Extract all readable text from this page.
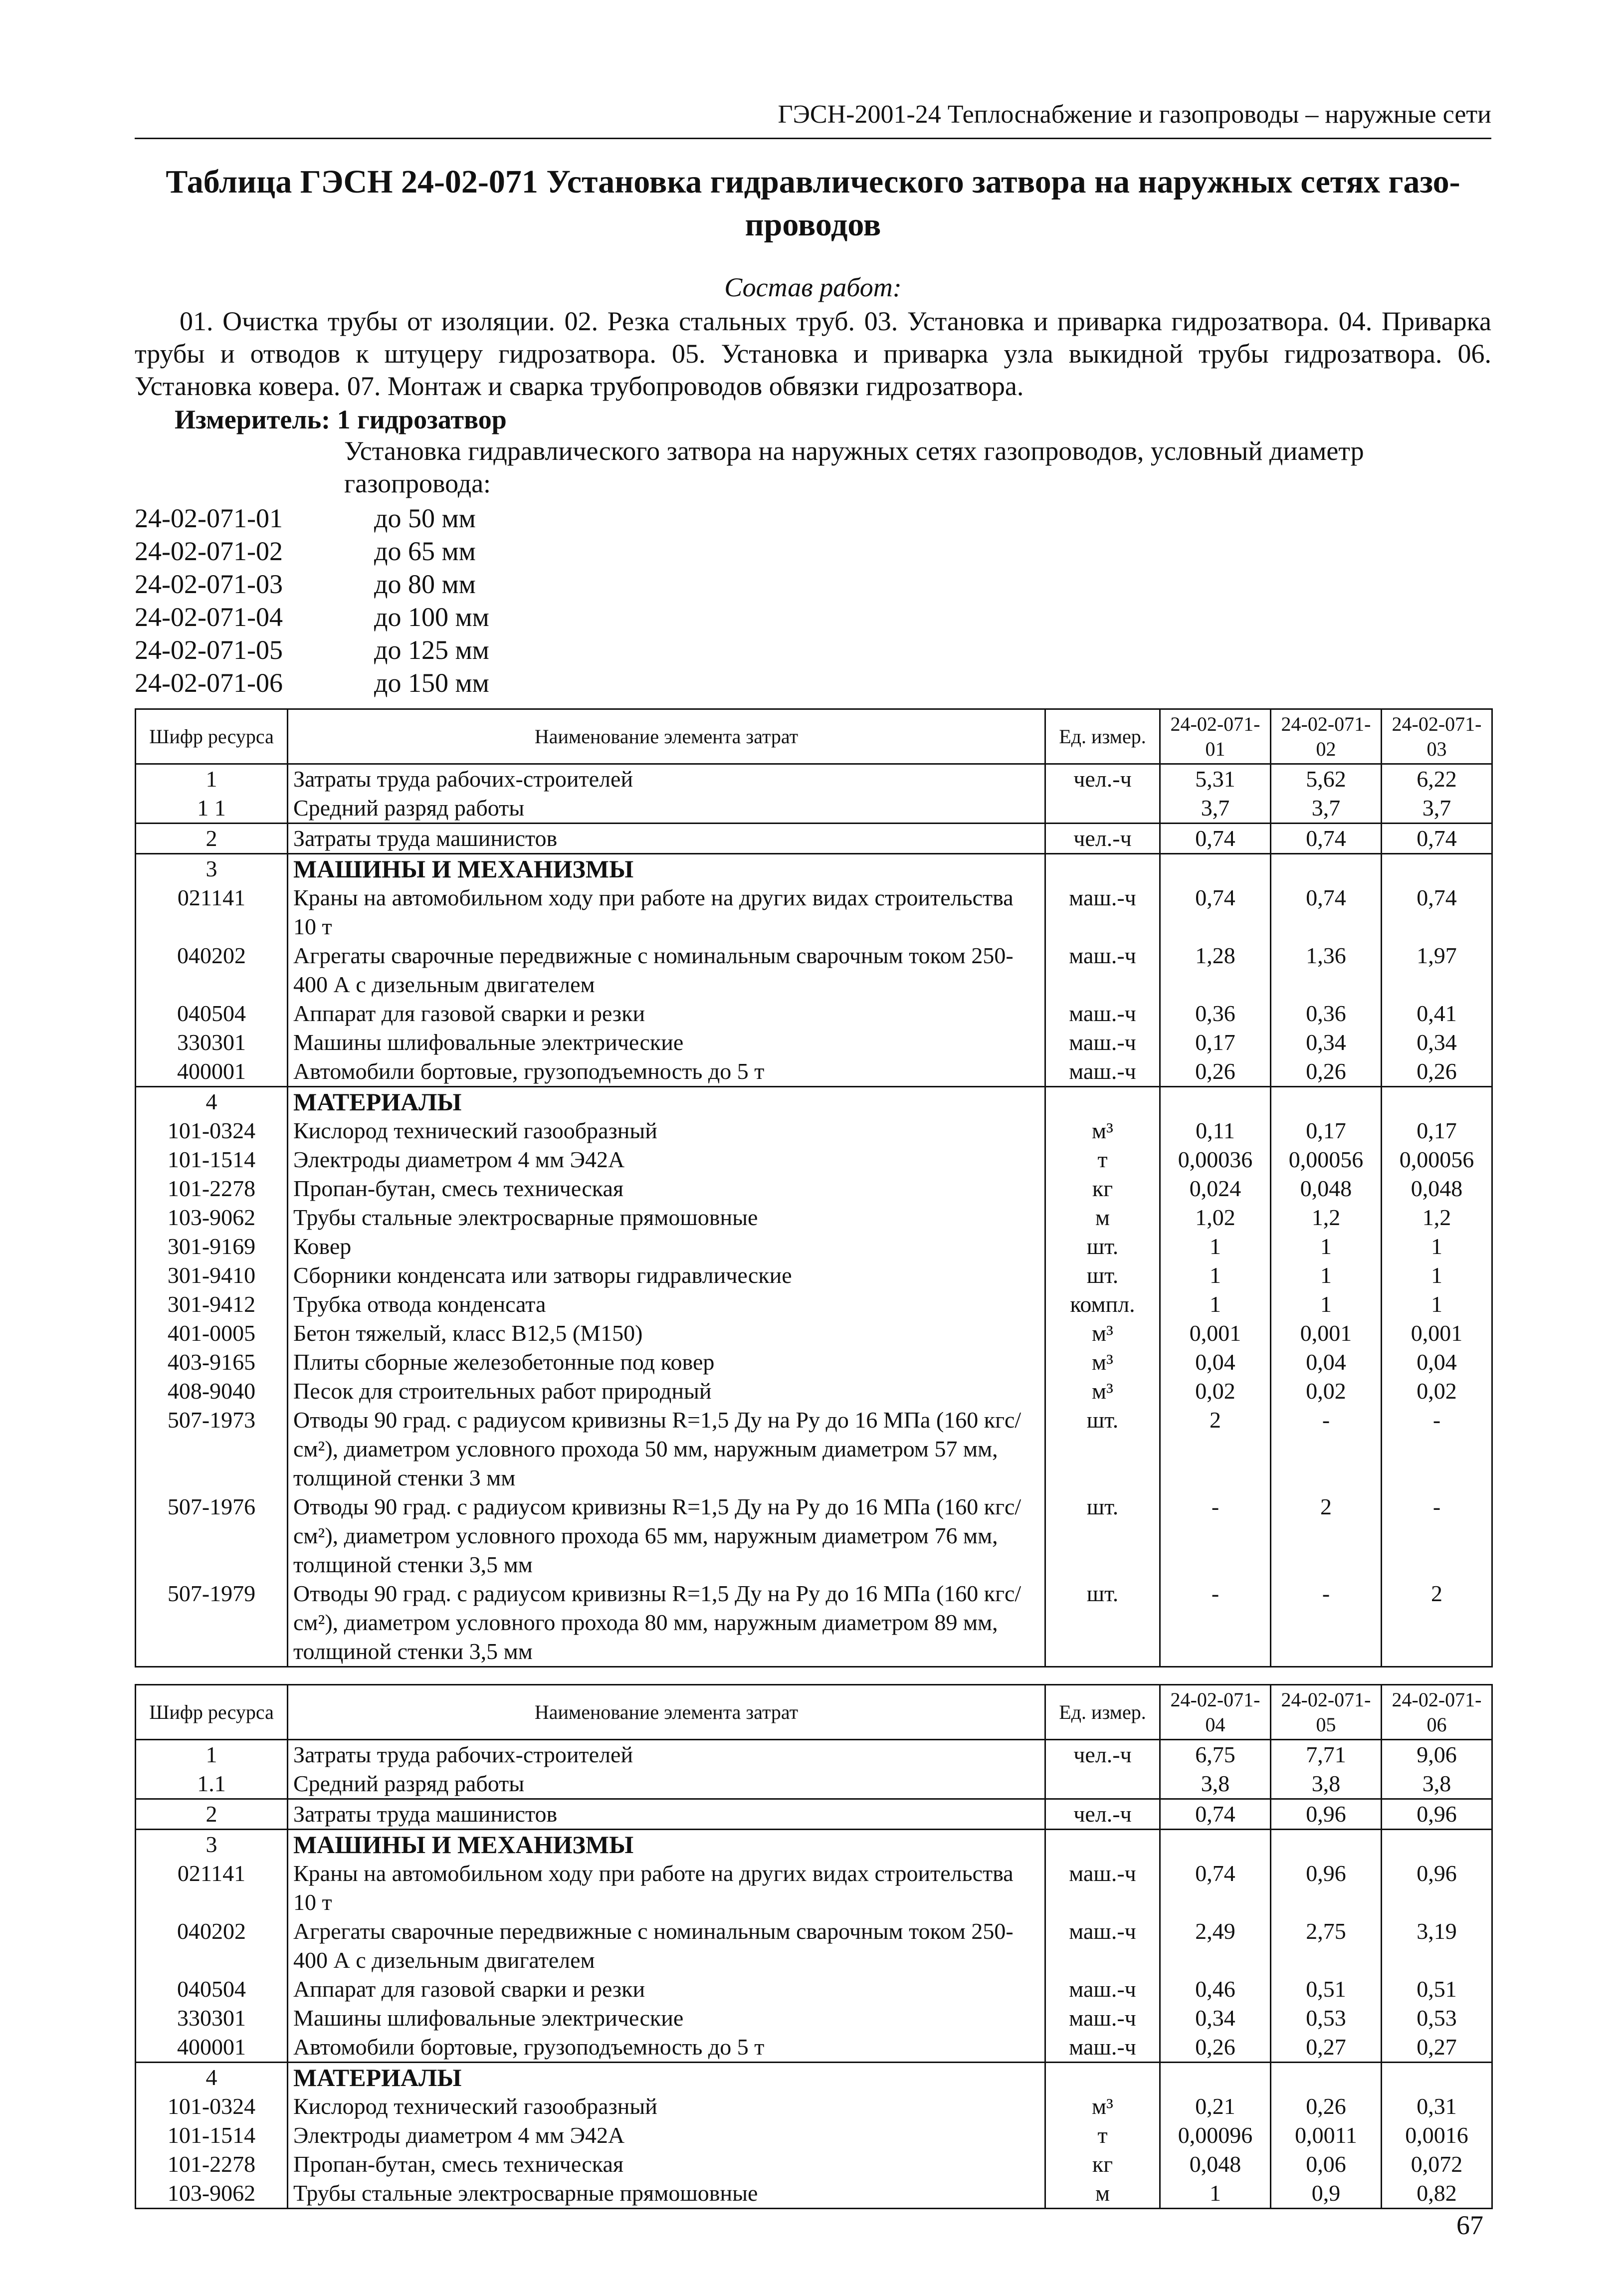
ГЭСН-2001-24 Теплоснабжение и газопроводы – наружные сети
Таблица ГЭСН 24-02-071 Установка гидравлического затвора на наружных сетях газо-
проводов
Состав работ:
01. Очистка трубы от изоляции. 02. Резка стальных труб. 03. Установка и приварка гидрозатвора. 04. Приварка трубы и отводов к штуцеру гидрозатвора. 05. Установка и приварка узла выкидной трубы гидрозатвора. 06. Установка ковера. 07. Монтаж и сварка трубопроводов обвязки гидрозатвора.
Измеритель: 1 гидрозатвор
Установка гидравлического затвора на наружных сетях газопроводов, условный диаметр газопровода:
24-02-071-01	до 50 мм
24-02-071-02	до 65 мм
24-02-071-03	до 80 мм
24-02-071-04	до 100 мм
24-02-071-05	до 125 мм
24-02-071-06	до 150 мм
Шифр ресурса	Наименование элемента затрат	Ед. измер.	24-02-071-01	24-02-071-02	24-02-071-03
1	Затраты труда рабочих-строителей	чел.-ч	5,31	5,62	6,22
1 1	Средний разряд работы		3,7	3,7	3,7
2	Затраты труда машинистов	чел.-ч	0,74	0,74	0,74
3	МАШИНЫ И МЕХАНИЗМЫ				
021141	Краны на автомобильном ходу при работе на других видах строительства 10 т	маш.-ч	0,74	0,74	0,74
040202	Агрегаты сварочные передвижные с номинальным сварочным током 250-400 А с дизельным двигателем	маш.-ч	1,28	1,36	1,97
040504	Аппарат для газовой сварки и резки	маш.-ч	0,36	0,36	0,41
330301	Машины шлифовальные электрические	маш.-ч	0,17	0,34	0,34
400001	Автомобили бортовые, грузоподъемность до 5 т	маш.-ч	0,26	0,26	0,26
4	МАТЕРИАЛЫ				
101-0324	Кислород технический газообразный	м³	0,11	0,17	0,17
101-1514	Электроды диаметром 4 мм Э42А	т	0,00036	0,00056	0,00056
101-2278	Пропан-бутан, смесь техническая	кг	0,024	0,048	0,048
103-9062	Трубы стальные электросварные прямошовные	м	1,02	1,2	1,2
301-9169	Ковер	шт.	1	1	1
301-9410	Сборники конденсата или затворы гидравлические	шт.	1	1	1
301-9412	Трубка отвода конденсата	компл.	1	1	1
401-0005	Бетон тяжелый, класс В12,5 (М150)	м³	0,001	0,001	0,001
403-9165	Плиты сборные железобетонные под ковер	м³	0,04	0,04	0,04
408-9040	Песок для строительных работ природный	м³	0,02	0,02	0,02
507-1973	Отводы 90 град. с радиусом кривизны R=1,5 Ду на Ру до 16 МПа (160 кгс/см²), диаметром условного прохода 50 мм, наружным диаметром 57 мм, толщиной стенки 3 мм	шт.	2	-	-
507-1976	Отводы 90 град. с радиусом кривизны R=1,5 Ду на Ру до 16 МПа (160 кгс/см²), диаметром условного прохода 65 мм, наружным диаметром 76 мм, толщиной стенки 3,5 мм	шт.	-	2	-
507-1979	Отводы 90 град. с радиусом кривизны R=1,5 Ду на Ру до 16 МПа (160 кгс/см²), диаметром условного прохода 80 мм, наружным диаметром 89 мм, толщиной стенки 3,5 мм	шт.	-	-	2
Шифр ресурса	Наименование элемента затрат	Ед. измер.	24-02-071-04	24-02-071-05	24-02-071-06
1	Затраты труда рабочих-строителей	чел.-ч	6,75	7,71	9,06
1.1	Средний разряд работы		3,8	3,8	3,8
2	Затраты труда машинистов	чел.-ч	0,74	0,96	0,96
3	МАШИНЫ И МЕХАНИЗМЫ				
021141	Краны на автомобильном ходу при работе на других видах строительства 10 т	маш.-ч	0,74	0,96	0,96
040202	Агрегаты сварочные передвижные с номинальным сварочным током 250-400 А с дизельным двигателем	маш.-ч	2,49	2,75	3,19
040504	Аппарат для газовой сварки и резки	маш.-ч	0,46	0,51	0,51
330301	Машины шлифовальные электрические	маш.-ч	0,34	0,53	0,53
400001	Автомобили бортовые, грузоподъемность до 5 т	маш.-ч	0,26	0,27	0,27
4	МАТЕРИАЛЫ				
101-0324	Кислород технический газообразный	м³	0,21	0,26	0,31
101-1514	Электроды диаметром 4 мм Э42А	т	0,00096	0,0011	0,0016
101-2278	Пропан-бутан, смесь техническая	кг	0,048	0,06	0,072
103-9062	Трубы стальные электросварные прямошовные	м	1	0,9	0,82
67
